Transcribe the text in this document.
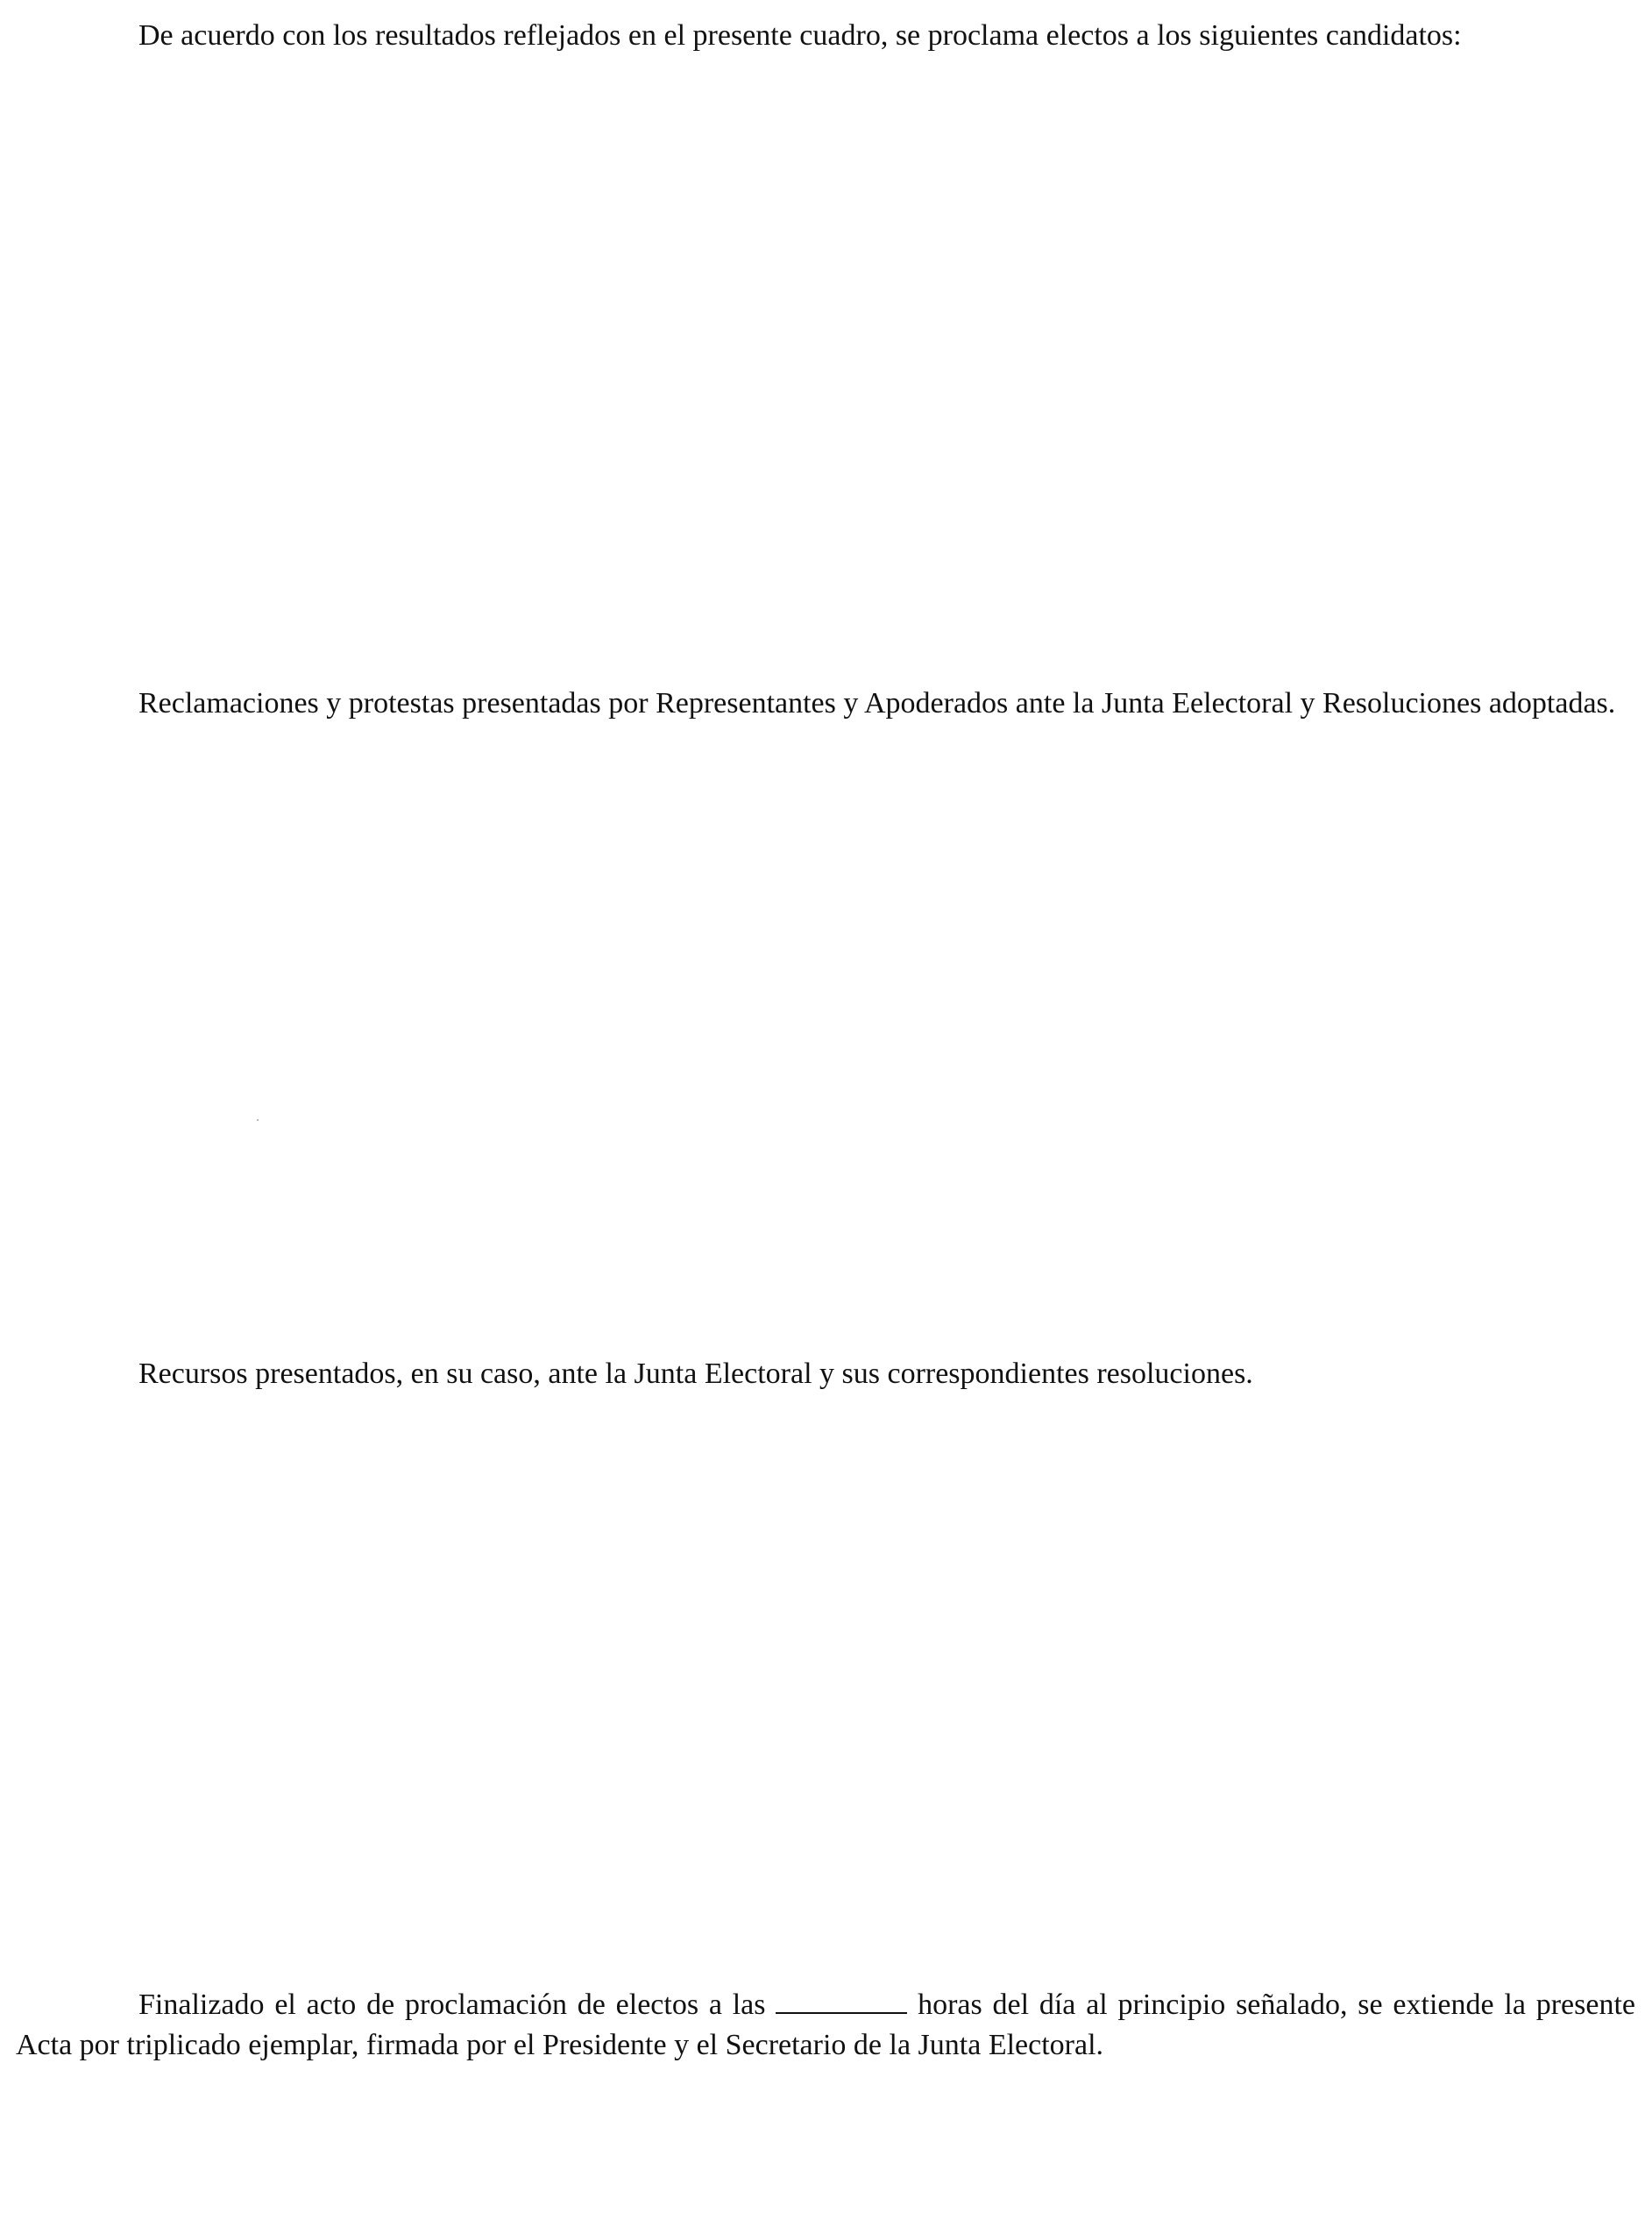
De acuerdo con los resultados reflejados en el presente cuadro, se proclama electos a los siguientes candidatos:

Reclamaciones y protestas presentadas por Representantes y Apoderados ante la Junta Eelectoral y Resoluciones adoptadas.

Recursos presentados, en su caso, ante la Junta Electoral y sus correspondientes resoluciones.

Finalizado el acto de proclamación de electos a las	horas del día al principio señalado, se extiende la presente Acta por triplicado ejemplar, firmada por el Presidente y el Secretario de la Junta Electoral.
